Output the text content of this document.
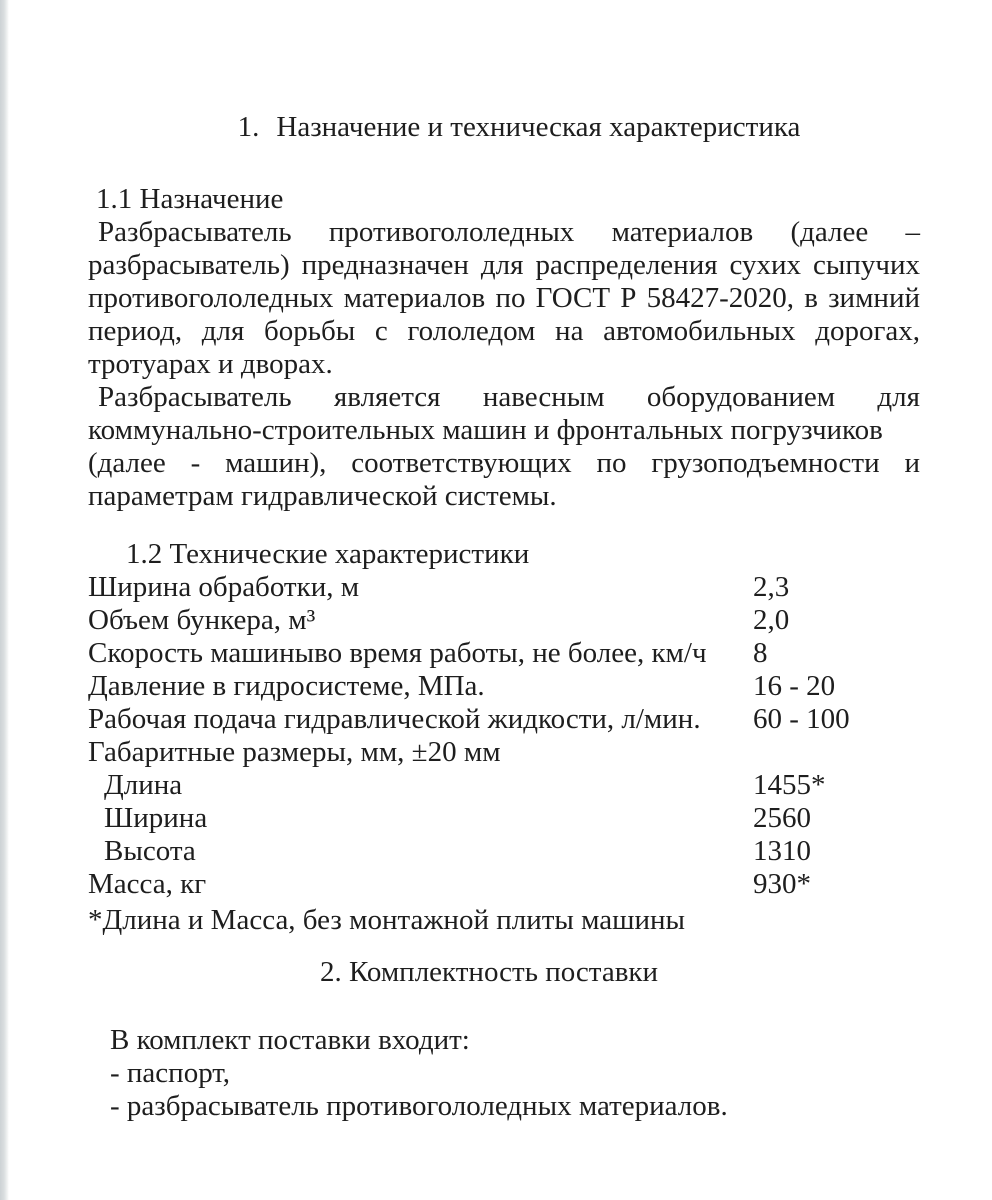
1. Назначение и техническая характеристика
1.1 Назначение
Разбрасыватель противогололедных материалов (далее –
разбрасыватель) предназначен для распределения сухих сыпучих
противогололедных материалов по ГОСТ Р 58427-2020, в зимний
период, для борьбы с гололедом на автомобильных дорогах,
тротуарах и дворах.
Разбрасыватель является навесным оборудованием для
коммунально-строительных машин и фронтальных погрузчиков
(далее - машин), соответствующих по грузоподъемности и
параметрам гидравлической системы.
1.2 Технические характеристики
Ширина обработки, м	2,3
Объем бункера, м³	2,0
Скорость машиныво время работы, не более, км/ч	8
Давление в гидросистеме, МПа.	16 - 20
Рабочая подача гидравлической жидкости, л/мин.	60 - 100
Габаритные размеры, мм, ±20 мм
Длина	1455*
Ширина	2560
Высота	1310
Масса, кг	930*
*Длина и Масса, без монтажной плиты машины
2. Комплектность поставки
В комплект поставки входит:
- паспорт,
- разбрасыватель противогололедных материалов.
